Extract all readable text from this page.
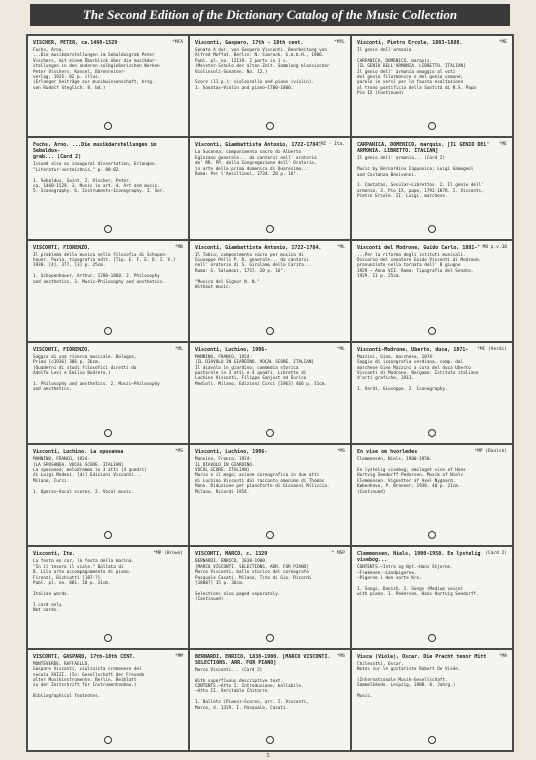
The Second Edition of the Dictionary Catalog of the Music Collection
VISCHER, PETER, ca.1460-1529	*MFA
Fuchs, Arno.
...Die musikdarstellungen im Sebaldusgrab Peter
Vischers, mit einem Überblick über die musikdar-
stellungen in den anderen selbgießerischen Werken
Peter Vischers. Kassel, Bärenreiter-
verlag, 1935. 82 p. illus.
(Erlanger beiträge zur musikwissenschaft, hrsg.
von Rudolf Steglich. 8. bd.)
Visconti, Gasparo, 17th - 18th cent.	*MYL
Sonata A dur, von Gasparo Visconti. Bearbeitung von
Alfred Moffat. Berlin: N. Simrock, G.m.b.H., 1906.
Publ. pl. no. 12139. 2 parts in 1 v.
(Meister-Schule der alten Zeit. Sammlung klassischer
Violinsoli-Sonaten. No. 12.)

Score (11 p.): violoncello and piano (violin).
1. Sonatas—Violin and piano—1700-1800.
Visconti, Pietro Ercole, 1803-1880.	*ME
Il genio dell'armonia

CARPANICA, DOMENICO, marquis.
[IL GENIO DELL'ARMONIA. LIBRETTO. ITALIAN]
Il genio dell' armonia omaggio al voti
del genio filarmonico e del genio comune;
parole in versi per la fausta esaltazione
al trono pontificio della Santità di N.S. Papa
Pio IX (Continued)
Fuchs, Arno. ...Die musikdarstellungen im Sebaldus-
grab... (Card 2)
Issued also as inaugural dissertation, Erlangen.
"Literatur-verzeichnis," p. 80-82.

1. Sebaldus, Saint. 2. Vischer, Peter,
ca. 1460-1529. 3. Music in art. 4. Art and music.
5. Iconography. 6. Instruments—Iconography. I. Ser.
Visconti, Giambattista Antonio, 1722-1784.
*MZ - Ita.
La Susanna; componimento sacro di Alberto
Egizzano generale... da cantarsi nell' oratorio
de' RR. PP. della Congregazione dell' Oratorio,
in arte della prima domenica di Quaresima...
Roma: Per l'Ansillioni, 1734. 20 p. 16°.
CARPANICA, DOMENICO, marquis. [IL GENIO DEL'
ARMONIA. LIBRETTO. ITALIAN]
*ME
Il genio dell' armonia... (Card 2)

Music by Bernardino Capponica; Luigi Gamognol
and Costanza Benivenni.

1. Cantatas, Secular—Librettos. 2. Il genio dell'
armonia. 3. Pio IX, pope, 1792-1878. I. Visconti,
Pietro Ercole. II. Luigi, marchese.
VISCONTI, FIORENZO.	*MB
Il problema della musica nella filosofia di Schopen-
hauer. Pavia, tipografia edit. [Tip. E. F. E. D. I. V.]
1930. [4], 377, [3] p. 25cm.

1. Schopenhauer, Arthur, 1788-1860. 2. Philosophy
and aesthetics. 3. Music—Philosophy and aesthetics.
Visconti, Giambattista Antonio, 1722-1784.	*ML
Il Tobia; componimento sacro per musica di
Giuseppe Pelli P. D. generale... da cantarsi
nell' oratorio di S. Girolamo della Carita...
Roma: G. Salomoni, 1757. 20 p. 16°.

"Musica del Signor N. N."
Without music.
Visconti del Modrone, Guido Carlo, 1881- * MO p.v.38
...Per la riforma degli istituti musicali.
Discorso del senatore Guido Visconti di Modrone,
pronunziato nella tornata dell' 8 giugno
1929 — Anno VII. Roma: Tipografia del Senato,
1929. 11 p. 25cm.
VISCONTI, FIORENZO.	*ML
Saggio di una ricerca musicale. Bologna,
Prima [c1936] 386 p. 26cm.
(Quaderni di studi filosofici diretti da
Adolfo Levi e Emilio Bodrero.)

1. Philosophy and aesthetics. 2. Music—Philosophy
and aesthetics.
Visconti, Luchino, 1906-	*ML
MANNINO, FRANCO, 1924-
[IL DIAVOLO IN GIARDINO. VOCAL SCORE. ITALIAN]
Il diavolo in giardino; commedia storica
pastorale in 3 atti e 4 quadri. Libretto di
Luchino Visconti, Filippo Sanjust ed Enrico
Medioli. Milano, Edizioni Curci [1963] 466 p. 31cm.
Visconti-Modrone, Uberto, duca, 1871-	*MC (Verdi)
Mazzini, Gino, marchese, 1874-
Saggio di iconografia verdiana, comp. dal
marchese Gino Mazzini a cura del duca Uberto
Visconti di Modrone. Bergamo: Istituto italiano
d'arti grafiche, 1913.

1. Verdi, Giuseppe. 2. Iconography.
Visconti, Luchino. La sposanea	*MS
MANNINO, FRANCO, 1924-
[LA SPOSANEA. VOCAL SCORE. ITALIAN]
La sposanea; melodramma in 3 atti (4 quadri)
di Luigi Madeni. [di] Edizioni Visconti...
Milano, Curci.

1. Operas—Vocal scores. 2. Vocal music.
Visconti, Luchino, 1906-	*MS
Mannino, Franco, 1924-
IL DIAVOLO IN GIARDINO.
VOCAL SCORE. ITALIAN]
Mario e il mago; azione coreografica in due atti
di Luchino Visconti dal racconto omonimo di Thomas
Mann. Riduzione per pianoforte di Giovanni Miliccia.
Milano, Ricordi 1954.
En vise om hvorledes	*MP (Danish)
Clemmensen, Niels, 1900-1950.

En lystelig visebog; omslaget vise af Hans
Hartvig Seedorff Pedersen. Musik af Niels
Clemmensen. Vignetter af Axel Nygaard.
København, P. Branner, 1938. 40 p. 21cm.
(Continued)
Visconti, Ite.	*MP (Brown)
La festa en cor, la festa della marina.
"In il tesoro il viale." Ballata di
B. Lila arte accompagnamento di piano.
Firenzi, Bichiatti [187-?].
Publ. pl. no. 881. 10 p. 31cm.

Italian words.

1 card only.
Not cards.
VISCONTI, MARCO, c. 1329	* MSP
BERNARDI, ENRICO, 1838-1900.
[MARCO VISCONTI. SELECTIONS. ARR. FOR PIANO]
Marco Visconti, ballo storico del coreografo
Pasquale Casati. Milano, Tito di Gio. Ricordi
[1880?] 15 p. 36cm.

Selections also paged separately.
(Continued)
Clemmensen, Niels, 1900-1950. En lystelig visebog...
(Card 2)
CONTENTS.—Intro og Nyt.—Hans Stjerne.
—Frøkenen.—Landpigerne.
—Pigerne i den sorte Kro.

1. Songs, Danish. 2. Songs (Medium voice)
with piano. I. Pedersen, Hans Hartvig Seedorff.
VISCONTI, GASPARO, 17th-18th CENT.	*MM
MONTEVERDE, RAFFAELLO.
Gaspare Visconti, violinista cremonese del
secolo XVIII. (In: Gesellschaft der Freunde
alter Musikinstrumente. Berlin, Beiblatt
zu der Zeitschrift für Instrumentenbau.)

Bibliographical footnotes.
BERNARDI, ENRICO, 1838-1900. [MARCO VISCONTI.
SELECTIONS. ARR. FOR PIANO]
*MS
Marco Visconti... (Card 2)

With superfluous descriptive text.
CONTENTS.—Atto I. Introduzione; ballabile.
—Atto II. Veritable Chitarre.

1. Ballets (Piano)—Scores, arr. I. Visconti,
Marco, d. 1329. I. Pasquale, Casati.
Visca (Viole), Oscar. Die Pracht tenor Mitt	*MA
Chilesotti, Oscar.
Notes sur le guitariste Robert De Visée.

(Internationale Musik-Gesellschaft.
Sammelbände. Leipzig, 1908. 8. Jahrg.)

Music.
5
